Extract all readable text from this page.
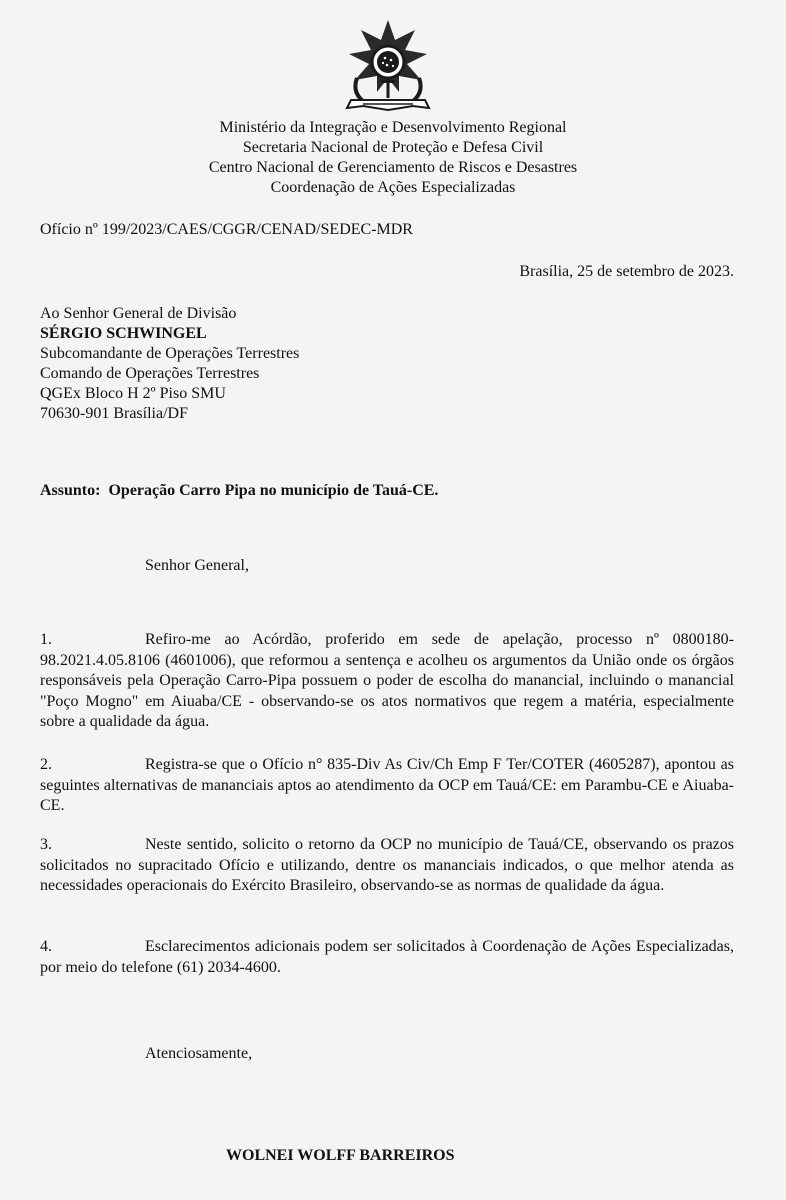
Ministério da Integração e Desenvolvimento Regional
Secretaria Nacional de Proteção e Defesa Civil
Centro Nacional de Gerenciamento de Riscos e Desastres
Coordenação de Ações Especializadas
Ofício nº 199/2023/CAES/CGGR/CENAD/SEDEC-MDR
Brasília, 25 de setembro de 2023.
Ao Senhor General de Divisão
SÉRGIO SCHWINGEL
Subcomandante de Operações Terrestres
Comando de Operações Terrestres
QGEx Bloco H 2º Piso SMU
70630-901 Brasília/DF
Assunto: Operação Carro Pipa no município de Tauá-CE.
Senhor General,
1.	Refiro-me ao Acórdão, proferido em sede de apelação, processo nº 0800180-98.2021.4.05.8106 (4601006), que reformou a sentença e acolheu os argumentos da União onde os órgãos responsáveis pela Operação Carro-Pipa possuem o poder de escolha do manancial, incluindo o manancial "Poço Mogno" em Aiuaba/CE - observando-se os atos normativos que regem a matéria, especialmente sobre a qualidade da água.
2.	Registra-se que o Ofício n° 835-Div As Civ/Ch Emp F Ter/COTER (4605287), apontou as seguintes alternativas de mananciais aptos ao atendimento da OCP em Tauá/CE: em Parambu-CE e Aiuaba-CE.
3.	Neste sentido, solicito o retorno da OCP no município de Tauá/CE, observando os prazos solicitados no supracitado Ofício e utilizando, dentre os mananciais indicados, o que melhor atenda as necessidades operacionais do Exército Brasileiro, observando-se as normas de qualidade da água.
4.	Esclarecimentos adicionais podem ser solicitados à Coordenação de Ações Especializadas, por meio do telefone (61) 2034-4600.
Atenciosamente,
WOLNEI WOLFF BARREIROS
